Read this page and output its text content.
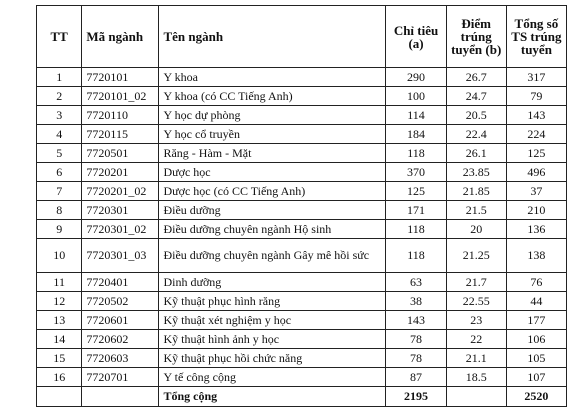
TT	Mã ngành	Tên ngành	Chỉ tiêu (a)	Điểm trúng tuyển (b)	Tổng số TS trúng tuyển
1	7720101	Y khoa	290	26.7	317
2	7720101_02	Y khoa (có CC Tiếng Anh)	100	24.7	79
3	7720110	Y học dự phòng	114	20.5	143
4	7720115	Y học cổ truyền	184	22.4	224
5	7720501	Răng - Hàm - Mặt	118	26.1	125
6	7720201	Dược học	370	23.85	496
7	7720201_02	Dược học (có CC Tiếng Anh)	125	21.85	37
8	7720301	Điều dưỡng	171	21.5	210
9	7720301_02	Điều dưỡng chuyên ngành Hộ sinh	118	20	136
10	7720301_03	Điều dưỡng chuyên ngành Gây mê hồi sức	118	21.25	138
11	7720401	Dinh dưỡng	63	21.7	76
12	7720502	Kỹ thuật phục hình răng	38	22.55	44
13	7720601	Kỹ thuật xét nghiệm y học	143	23	177
14	7720602	Kỹ thuật hình ảnh y học	78	22	106
15	7720603	Kỹ thuật phục hồi chức năng	78	21.1	105
16	7720701	Y tế công cộng	87	18.5	107
		Tổng cộng	2195		2520
